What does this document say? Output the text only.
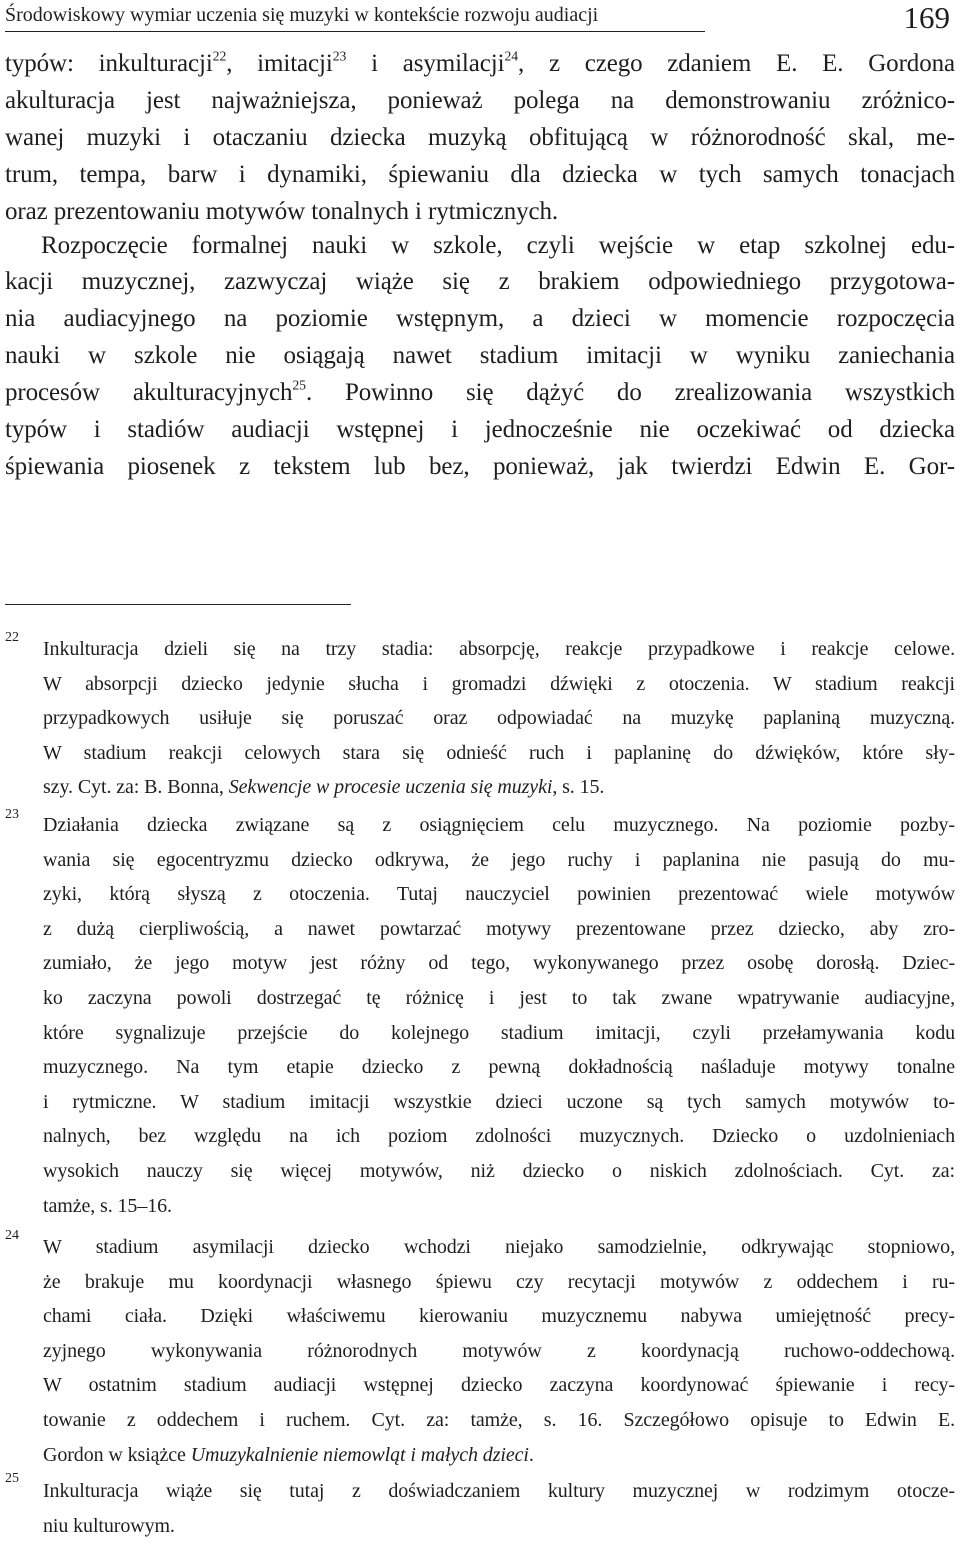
Środowiskowy wymiar uczenia się muzyki w kontekście rozwoju audiacji	169
typów: inkulturacji$^{22}$, imitacji$^{23}$ i asymilacji$^{24}$, z czego zdaniem E. E. Gordona
akulturacja jest najważniejsza, ponieważ polega na demonstrowaniu zróżnico-
wanej muzyki i otaczaniu dziecka muzyką obfitującą w różnorodność skal, me-
trum, tempa, barw i dynamiki, śpiewaniu dla dziecka w tych samych tonacjach
oraz prezentowaniu motywów tonalnych i rytmicznych.
Rozpoczęcie formalnej nauki w szkole, czyli wejście w etap szkolnej edu-
kacji muzycznej, zazwyczaj wiąże się z brakiem odpowiedniego przygotowa-
nia audiacyjnego na poziomie wstępnym, a dzieci w momencie rozpoczęcia
nauki w szkole nie osiągają nawet stadium imitacji w wyniku zaniechania
procesów akulturacyjnych$^{25}$. Powinno się dążyć do zrealizowania wszystkich
typów i stadiów audiacji wstępnej i jednocześnie nie oczekiwać od dziecka
śpiewania piosenek z tekstem lub bez, ponieważ, jak twierdzi Edwin E. Gor-
22
Inkulturacja dzieli się na trzy stadia: absorpcję, reakcje przypadkowe i reakcje celowe.
W absorpcji dziecko jedynie słucha i gromadzi dźwięki z otoczenia. W stadium reakcji
przypadkowych usiłuje się poruszać oraz odpowiadać na muzykę paplaniną muzyczną.
W stadium reakcji celowych stara się odnieść ruch i paplaninę do dźwięków, które sły-
szy. Cyt. za: B. Bonna, Sekwencje w procesie uczenia się muzyki, s. 15.
23 Działania dziecka związane są z osiągnięciem celu muzycznego. Na poziomie pozby-
wania się egocentryzmu dziecko odkrywa, że jego ruchy i paplanina nie pasują do mu-
zyki, którą słyszą z otoczenia. Tutaj nauczyciel powinien prezentować wiele motywów
z dużą cierpliwością, a nawet powtarzać motywy prezentowane przez dziecko, aby zro-
zumiało, że jego motyw jest różny od tego, wykonywanego przez osobę dorosłą. Dziec-
ko zaczyna powoli dostrzegać tę różnicę i jest to tak zwane wpatrywanie audiacyjne,
które sygnalizuje przejście do kolejnego stadium imitacji, czyli przełamywania kodu
muzycznego. Na tym etapie dziecko z pewną dokładnością naśladuje motywy tonalne
i rytmiczne. W stadium imitacji wszystkie dzieci uczone są tych samych motywów to-
nalnych, bez względu na ich poziom zdolności muzycznych. Dziecko o uzdolnieniach
wysokich nauczy się więcej motywów, niż dziecko o niskich zdolnościach. Cyt. za:
tamże, s. 15–16.
24
W stadium asymilacji dziecko wchodzi niejako samodzielnie, odkrywając stopniowo,
że brakuje mu koordynacji własnego śpiewu czy recytacji motywów z oddechem i ru-
chami ciała. Dzięki właściwemu kierowaniu muzycznemu nabywa umiejętność precy-
zyjnego wykonywania różnorodnych motywów z koordynacją ruchowo-oddechową.
W ostatnim stadium audiacji wstępnej dziecko zaczyna koordynować śpiewanie i recy-
towanie z oddechem i ruchem. Cyt. za: tamże, s. 16. Szczegółowo opisuje to Edwin E.
Gordon w książce Umuzykalnienie niemowląt i małych dzieci.
25
Inkulturacja wiąże się tutaj z doświadczaniem kultury muzycznej w rodzimym otocze-
niu kulturowym.
